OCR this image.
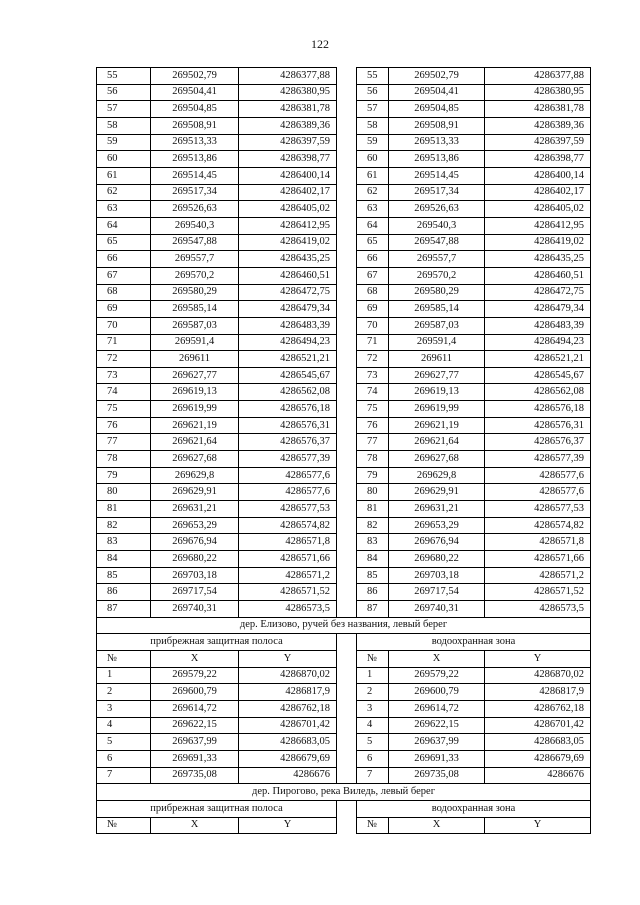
122
55	269502,79	4286377,88		55	269502,79	4286377,88
56	269504,41	4286380,95		56	269504,41	4286380,95
57	269504,85	4286381,78		57	269504,85	4286381,78
58	269508,91	4286389,36		58	269508,91	4286389,36
59	269513,33	4286397,59		59	269513,33	4286397,59
60	269513,86	4286398,77		60	269513,86	4286398,77
61	269514,45	4286400,14		61	269514,45	4286400,14
62	269517,34	4286402,17		62	269517,34	4286402,17
63	269526,63	4286405,02		63	269526,63	4286405,02
64	269540,3	4286412,95		64	269540,3	4286412,95
65	269547,88	4286419,02		65	269547,88	4286419,02
66	269557,7	4286435,25		66	269557,7	4286435,25
67	269570,2	4286460,51		67	269570,2	4286460,51
68	269580,29	4286472,75		68	269580,29	4286472,75
69	269585,14	4286479,34		69	269585,14	4286479,34
70	269587,03	4286483,39		70	269587,03	4286483,39
71	269591,4	4286494,23		71	269591,4	4286494,23
72	269611	4286521,21		72	269611	4286521,21
73	269627,77	4286545,67		73	269627,77	4286545,67
74	269619,13	4286562,08		74	269619,13	4286562,08
75	269619,99	4286576,18		75	269619,99	4286576,18
76	269621,19	4286576,31		76	269621,19	4286576,31
77	269621,64	4286576,37		77	269621,64	4286576,37
78	269627,68	4286577,39		78	269627,68	4286577,39
79	269629,8	4286577,6		79	269629,8	4286577,6
80	269629,91	4286577,6		80	269629,91	4286577,6
81	269631,21	4286577,53		81	269631,21	4286577,53
82	269653,29	4286574,82		82	269653,29	4286574,82
83	269676,94	4286571,8		83	269676,94	4286571,8
84	269680,22	4286571,66		84	269680,22	4286571,66
85	269703,18	4286571,2		85	269703,18	4286571,2
86	269717,54	4286571,52		86	269717,54	4286571,52
87	269740,31	4286573,5		87	269740,31	4286573,5
дер. Елизово, ручей без названия, левый берег						
прибрежная защитная полоса				водоохранная зона		
№	X	Y		№	X	Y
1	269579,22	4286870,02		1	269579,22	4286870,02
2	269600,79	4286817,9		2	269600,79	4286817,9
3	269614,72	4286762,18		3	269614,72	4286762,18
4	269622,15	4286701,42		4	269622,15	4286701,42
5	269637,99	4286683,05		5	269637,99	4286683,05
6	269691,33	4286679,69		6	269691,33	4286679,69
7	269735,08	4286676		7	269735,08	4286676
дер. Пирогово, река Виледь, левый берег						
прибрежная защитная полоса				водоохранная зона		
№	X	Y		№	X	Y
